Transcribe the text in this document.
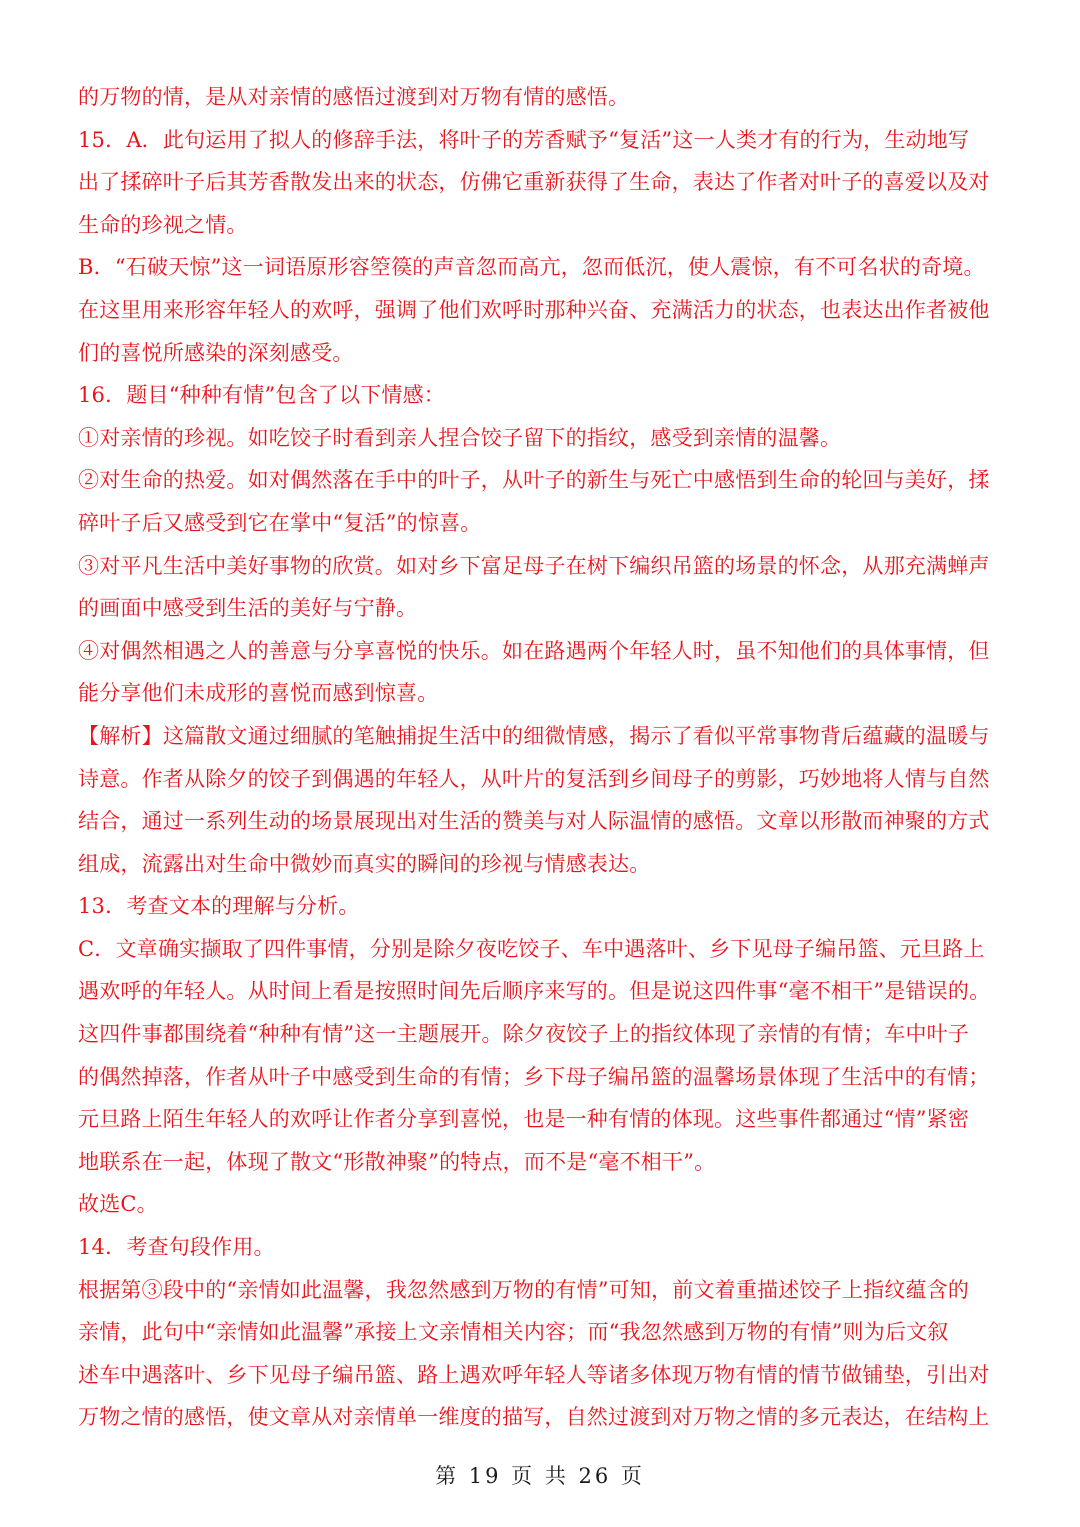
的万物的情，是从对亲情的感悟过渡到对万物有情的感悟。

15．A．此句运用了拟人的修辞手法，将叶子的芳香赋予“复活”这一人类才有的行为，生动地写

出了揉碎叶子后其芳香散发出来的状态，仿佛它重新获得了生命，表达了作者对叶子的喜爱以及对

生命的珍视之情。

B．“石破天惊”这一词语原形容箜篌的声音忽而高亢，忽而低沉，使人震惊，有不可名状的奇境。

在这里用来形容年轻人的欢呼，强调了他们欢呼时那种兴奋、充满活力的状态，也表达出作者被他

们的喜悦所感染的深刻感受。

16．题目“种种有情”包含了以下情感：

①对亲情的珍视。如吃饺子时看到亲人捏合饺子留下的指纹，感受到亲情的温馨。

②对生命的热爱。如对偶然落在手中的叶子，从叶子的新生与死亡中感悟到生命的轮回与美好，揉

碎叶子后又感受到它在掌中“复活”的惊喜。

③对平凡生活中美好事物的欣赏。如对乡下富足母子在树下编织吊篮的场景的怀念，从那充满蝉声

的画面中感受到生活的美好与宁静。

④对偶然相遇之人的善意与分享喜悦的快乐。如在路遇两个年轻人时，虽不知他们的具体事情，但

能分享他们未成形的喜悦而感到惊喜。

【解析】这篇散文通过细腻的笔触捕捉生活中的细微情感，揭示了看似平常事物背后蕴藏的温暖与

诗意。作者从除夕的饺子到偶遇的年轻人，从叶片的复活到乡间母子的剪影，巧妙地将人情与自然

结合，通过一系列生动的场景展现出对生活的赞美与对人际温情的感悟。文章以形散而神聚的方式

组成，流露出对生命中微妙而真实的瞬间的珍视与情感表达。

13．考查文本的理解与分析。

C．文章确实撷取了四件事情，分别是除夕夜吃饺子、车中遇落叶、乡下见母子编吊篮、元旦路上

遇欢呼的年轻人。从时间上看是按照时间先后顺序来写的。但是说这四件事“毫不相干”是错误的。

这四件事都围绕着“种种有情”这一主题展开。除夕夜饺子上的指纹体现了亲情的有情；车中叶子

的偶然掉落，作者从叶子中感受到生命的有情；乡下母子编吊篮的温馨场景体现了生活中的有情；

元旦路上陌生年轻人的欢呼让作者分享到喜悦，也是一种有情的体现。这些事件都通过“情”紧密

地联系在一起，体现了散文“形散神聚”的特点，而不是“毫不相干”。

故选C。

14．考查句段作用。

根据第③段中的“亲情如此温馨，我忽然感到万物的有情”可知，前文着重描述饺子上指纹蕴含的

亲情，此句中“亲情如此温馨”承接上文亲情相关内容；而“我忽然感到万物的有情”则为后文叙

述车中遇落叶、乡下见母子编吊篮、路上遇欢呼年轻人等诸多体现万物有情的情节做铺垫，引出对

万物之情的感悟，使文章从对亲情单一维度的描写，自然过渡到对万物之情的多元表达，在结构上

第 19 页 共 26 页
